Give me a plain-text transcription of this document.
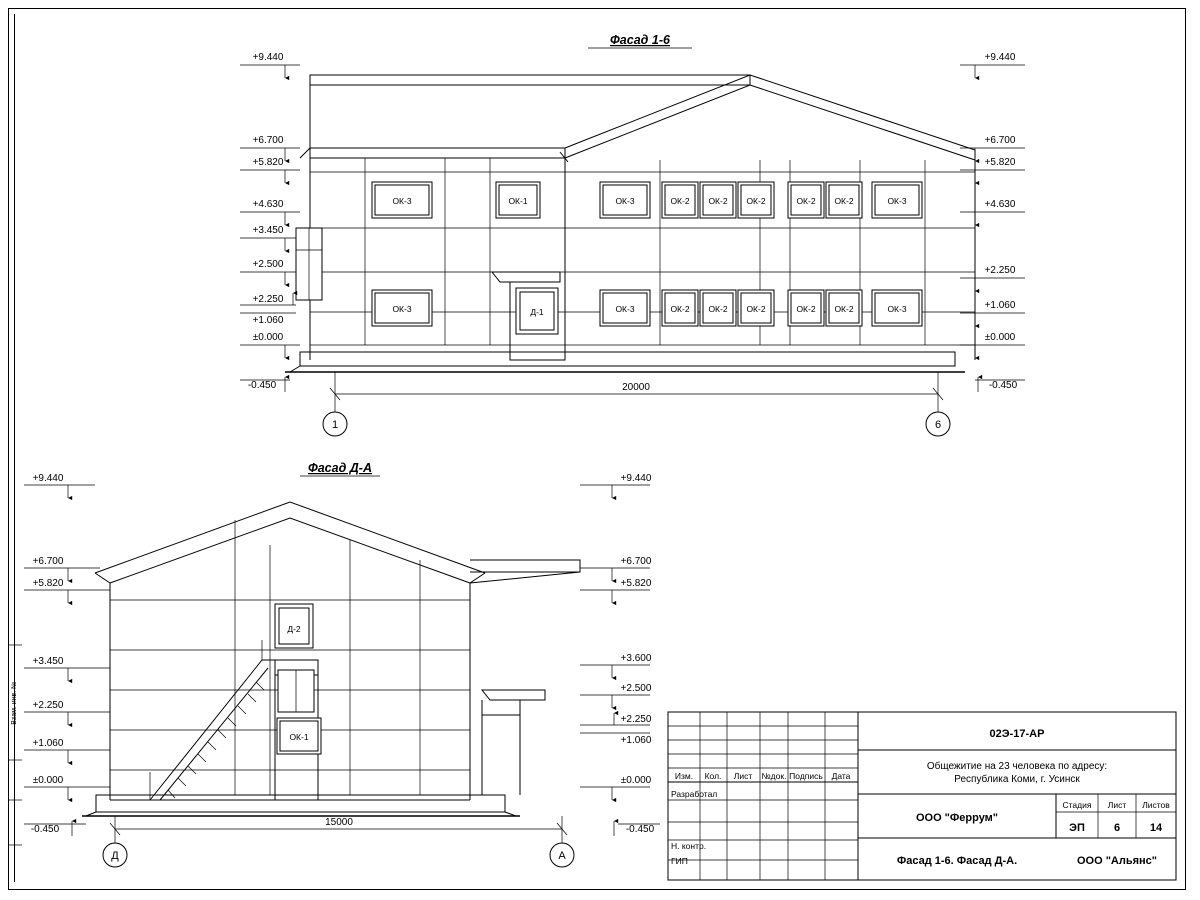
Фасад 1-6
Д-1
ОК-3	ОК-1	ОК-3	ОК-2 ОК-2 ОК-2	ОК-2 ОК-2	ОК-3
ОК-3	ОК-3	ОК-2 ОК-2 ОК-2	ОК-2 ОК-2	ОК-3
+9.440
+6.700
+5.820
+4.630
+3.450
+2.500
+2.250
+1.060
±0.000
-0.450
+9.440
+6.700
+5.820
+4.630
+2.250
+1.060
±0.000
-0.450
20000
1	6
Фасад Д-А
Д-2
ОК-1
+9.440
+6.700
+5.820
+3.450
+2.250
+1.060
±0.000
-0.450
+9.440
+6.700
+5.820
+3.600
+2.500
+2.250
+1.060
±0.000
-0.450
15000
Д	А
Взам. инв. №
Изм. Кол. Лист №док. Подпись Дата
Разработал
Н. контр.
ГИП
02Э-17-АР
Общежитие на 23 человека по адресу:
Республика Коми, г. Усинск
ООО "Феррум"
Стадия Лист Листов
ЭП	6	14
Фасад 1-6. Фасад Д-А.	ООО "Альянс"
